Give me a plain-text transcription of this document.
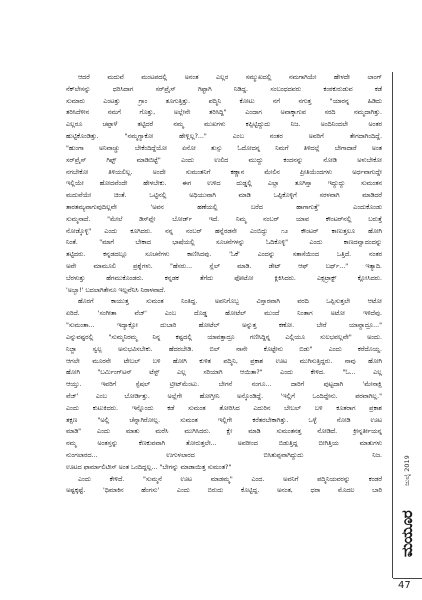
ಆದರೆ ಮದುವೆ ಮಂಟಪದಲ್ಲಿ ಅನಂತ ಎಲ್ಲರ ಸಮ್ಮುಖದಲ್ಲಿ ನಮಗಾಗಿಯೇ ಹೇಳದೇ ಲಾಂಗ್

ನೆಕ್‌ಲೇಸನ್ನು ಧರಿಸಿದಾಗ ಸರ್‌ಪ್ರೈಸ್ ಗಿಫ್ಟಾಗಿ ನಿಡಿದ್ದ. ಸಂಬಂಧದವರು ಕಂಠಕುರುಡುವ ಕಡೆ

ಸುಮಾರು ಎಂಟತ್ತು ಗ್ರಾಂ ತೂಗುತ್ತಿತ್ತು. ಪದ್ಮಿನಿ ಕೋಟು ನಗೆ ನಗುತ್ತ "ಯಾರನ್ನ ಹಿಡಿದು

ತರಿಸಿದೆಳೀನ ನಮಗೆ ಗೊತ್ತು, ಅಲ್ಲೇನೇ ತರಿಸಿದ್ದಿ" ಎಂದಾಗ ಅವಾಕ್ಕಾಗುವ ಸರದಿ ನಮ್ಮದಾಗಿತ್ತು.

ಎಲ್ಲರೂ ಚಪ್ಪಾಳೆ ತಟ್ಟಿದರೆ ನಮ್ಮ ಮುಖಗಳು ಕಪ್ಪಿಟ್ಟಿದ್ದುದು ನಿಜ. ಅಂದಿನಿಂದಲೇ ಅಂತರ

ಹುಟ್ಟಿಕೊಂಡಿತ್ತು. "ನಮ್ಮಗ್ಯಾಕೋ ಹೇಳ್ಲಿಲ್ಲ?..." ಎಂಬ ನಂತರ ಅವರಿಗೆ ತೇಗದಾಗಿಂದಿದ್ದೆ.

"ಹುಂಗಾ ಅನಿವಾಚ್ಚು ಬೇಕೆಂದಿದ್ದೆಯೋ ಏನೋ ತುಸ್ಸು ಓದೋದನ್ನ ನಿಮಗೆ ತಿಳಿದಲ್ಲೆ ಬೇಗಾದಾರೆ ಅಂತ

ಸರ್‌ಪ್ರೈಸ್ ಗಿಫ್ಟ್ ಮಾಡಿಬಿಟ್ಟೆ" ಎಂದು ಉಲಿದ ಮುದ್ದು ಕಂದನನ್ನು ನೋಡಿ ಅಳುಬೇಕೋ

ನಗಬೇಕೋ ತಿಳಿಯಲಿಲ್ಲ. ಅಂದೇ ಸುಮಂತನಿಗೆ ಕಣ್ಣಾನ ಮೇಲಿನ ಪ್ರೀತಿಯೆಂದಗಳು ಅರ್ಧವಾಗುದ್ದೇ

ಇಲ್ಲಿಯೇ ಹೋದವೆಂದೇ ಹೇಳಬೇಕು. ಈಗ ಉಳಿದ ದುಡ್ಡಲ್ಲಿ ಎಲ್ಲಾ ತೂಗಿಸ್ತಾ ಇದ್ದುದ್ದು ಸುಮಂತನ

ಮದುವೆಯೇ ಚಿಂತೆ. ಒಟ್ಟಿನಲ್ಲಿ ಅಧಿಯುವಾಗಿ ಮಾಡಿ ಒಪ್ಪಿಕೊಳ್ಳಿಗೆ ಸರಳವಾಗಿ ಮಾಡಿದರೆ

ತಾರತಮ್ಯವಾಗುವುದಿಲ್ಲವೇ 'ಅವನ ಹಣೆಯಲ್ಲಿ ಬರೆದ ಹಾಗಾಗುತ್ತೆ' ಎಂದುಕೊಂಡು

ಸುಮ್ಮನಾದೆ. "ಮೇಲೆ ಡಿಸ್‌ಪ್ಲೇ ಬೋರ್ಡ್ ಇದೆ. ನಿಮ್ಮ ನಂಬರ್ ಯಾವ ಕೌಂಟರ್‌ನಲ್ಲಿ ಬರುತ್ತೆ

ನೋಡ್ಕೊಳ್ಳಿ" ಎಂದು ಕೂಗಿದರು. ನನ್ನ ನಂಬರ್ ಹನ್ನೆರಡನೇ ಎಂಬಿದ್ದು ೧೨ ಕೌಂಟರ್ ಕಾಣುತ್ತಲೂ ಹೋಗಿ

ನಿಂತೆ. "ಮಾಗೆ ಬೇಕಾದ ಭಾಷೆಯಲ್ಲಿ ಸೂಚನೆಗಳನ್ನು ಓದಿಕೊಳ್ಳಿ" ಎಂದು ಕಾಣದವ್ವಾದಂದನ್ನು

ತಟ್ಟಿದರು. ಕನ್ನಡದಲ್ಲೂ ಸೂಚನೆಗಳು ಕಾಣಿಸಿದವು. 'ಓಕೆ' ಎಂದನ್ನು ಸತಾಸೆಯಿಂದ ಒತ್ತಿದೆ. ನಂತರ

ಅವೇ ಮಾಮೂಲಿ ಪ್ರಶ್ನೆಗಳು. "ಹೆಸರು... ಸ್ಲೆಲ್ ಮಾಡಿ. ಡೇಟ್ ಆಫ್ ಬರ್ಥ್..." ಇತ್ಯಾದಿ.

ಬೆರಳುತ್ತು ಹೆಗಮುಕೊಂಡರು. ಕನ್ನಡಕ ತೆಗೆದು ಫೋಟೋ ಕ್ಲಿಕಿಸಿದರು. ಎಕ್ಸಟ್ರಾಕ್ಟ್ ಕ್ಲೋಸಿದರು.

'ಅಬ್ಬಾ!' ಬದಲಾಗಿತೇನೂ ಇಲ್ಲವೆನಿಸಿ ನಿರಾಳವಾದೆ.

ಹೊರಗೆ ಕಾಯುತ್ತ ಸುಮಂತ ನಿಂತಿದ್ದ. ಅವನಿಗೊಬ್ಬ ವಿಸ್ತಾರವಾಗಿ ವರದಿ ಒಪ್ಪಿಸುತ್ತಲೇ ಆಟೋ

ಏರಿದೆ. 'ಸಂಗೀತಾ ವೆಜ್' ಎಂಬ ದೊಡ್ಡ ಹೋಟೆಲ್ ಮುಂದೆ ನಿಂತಾಗ ಅಟೋ ಇಳಿದೆವು.

"ಸುಮಂತಾ... ಇದ್ಯಾಕ್ಸೋ ದುಬಾರಿ ಹೋಟೆಲ್ ಅನ್ನುತ್ತ ಕಣೋ. ಬೇರೆ ಯಾವ್ದಾದ್ರೂ..."

ಎನ್ನುವಷ್ಟರಲ್ಲಿ "ಸುಮ್ಮನಿರಮ್ಮ ನಿನ್ನ ಕಷ್ಟದಲ್ಲಿ ಯಾವತ್ತಾದ್ರೂ ಗಣಿಸಿದ್ದಿನ್ನ ಎಲ್ಲಿಯೂ ಸುಲಭವಲ್ಲವೇ" ಅಂದು.

ನಿಜ್ಜಾ ಸ್ವಲ್ಪ ಅನುಭವಿಸಬೇಕು. ಹೆದರಬೇಡಿ. ಬಿಲ್ ನಾನೇ ಕೊಟ್ಟೇನು ಬಿಡು" ಎಂದು ಕರೆದೊಯ್ದ.

ಆಗಲೇ ಮೂರನೇ ಟೇಬಲ್ ಬಳಿ ಹೋಗಿ ಕುಳಿತ ಪದ್ಮಿನಿ, ಪ್ರಕಾಶ ಊಟ ಮುಗಿಸುತ್ತಿದ್ದರು. ನಾವು ಹೋಗಿ

ಹೋಗಿ "ಬರ್ಮಿಂಗ್‌ಟನ್ ಟೆಸ್ಟ್ ಎಲ್ಲ ಸರಿಯಾಗಿ ಆಯಿತಾ?" ಎಂದು ಕೇಳಿದ. "ಓ... ಎಲ್ಲ

ಆಯ್ತು. ಇವರಿಗೆ ಸ್ಪೆಷಲ್ ಟ್ರೀಟ್‌ಮೆಂಟು. ಬೇಗನೆ ನಂಗೂ... ದಾರಿಗೆ ಪುಟ್ಟದಾಗಿ 'ಮೇನಾಕ್ಷಿ

ವೆಜ್' ಎಂಬ ಬೋರ್ಡಿತ್ತು. ಅಲ್ಲೆಗೇ ಹೋಗ್ತೀನಿ ಅನ್ಕೊಂಡಿದ್ದೆ. 'ಇಲ್ಲಿಗೆ ಒಂದಿದ್ದೇನು. ಪರವಾಗಿಲ್ಲ."

ಎಂದು ಕುಟುಕಿದರು. ಇನ್ನೊಂದು ಕಡೆ ಸುಮಂತ ತೋರಿಸಿದ ಎದುರಿನ ಬೇಬಲ್ ಬಳಿ ಕೂತರಾಗ ಪ್ರಕಾಶ

ತಕ್ಷಣ "ಅಲ್ಲಿ ಚೆನ್ನಾಗಿರೋಲ್ಲ. ಸುಮಂತ ಇಲ್ಲಿಗೇ ಕರೆತರಬೇಕಾಗಿತ್ತು. ಒಳ್ಳೆ ನೋಡಿ ಊಟ

ಮಾಡಿ" ಎಂದು ಮಾತು ಮರೆಸಿ ಮುಗಿಸಿದರು. ಕ್ಷೇ ಮಾಡಿ ಸುಮಂತನತ್ತ ನೋಡಿದೆ. ಕ್ರೀನ್ನರ್ತೀಯನ್ನ

ನಮ್ಮ ಅಂತಸ್ತನ್ನು ಕೆಣಕುವವಾಗಿ ತೋರುತ್ತಲೇ... ಅವರೀಂದ ಬಿಡುತ್ತಿದ್ದ ಬೀಗಿತ್ತಿಯ ಮಾತುಗಳು

ನುಂಗಲಾರದ... ಉಗುಳಲಾರದ ಬಿಸಿತುಪ್ಪವಾಗಿದ್ದುದು ನಿಜ.

ಊಟದ ಫಾರ್ಮಾಲಿಟೀಸ್ ಅಂತ ಒಂದಿದ್ದಲ್ಲ... "ಬೇಗನ್ನು ಮಾಡಾಯಿತ್ತ ಸುಮಂತ?"

ಎಂದು ಕೇಳಿದೆ. "ಸುಮ್ಮನೆ ಊಟ ಮಾಡಮ್ಮ" ಎಂದ. ಅವನಿಗೆ ಪದ್ಮಿನಿಯವರನ್ನು ಕಂಡರೆ

ಅಷ್ಟಕ್ಕಷ್ಟೆ. 'ಧಿಮಾಕಿನ ಹೆಂಗಸು' ಎಂದು ಬಿರುದು ಕೊಟ್ಟಿದ್ದ. ಅನಂತ, ಧರಾ ಮೊದಲ ಬಾರಿ

ಜುಲೈ 2019
ಮಯೂರ
47
